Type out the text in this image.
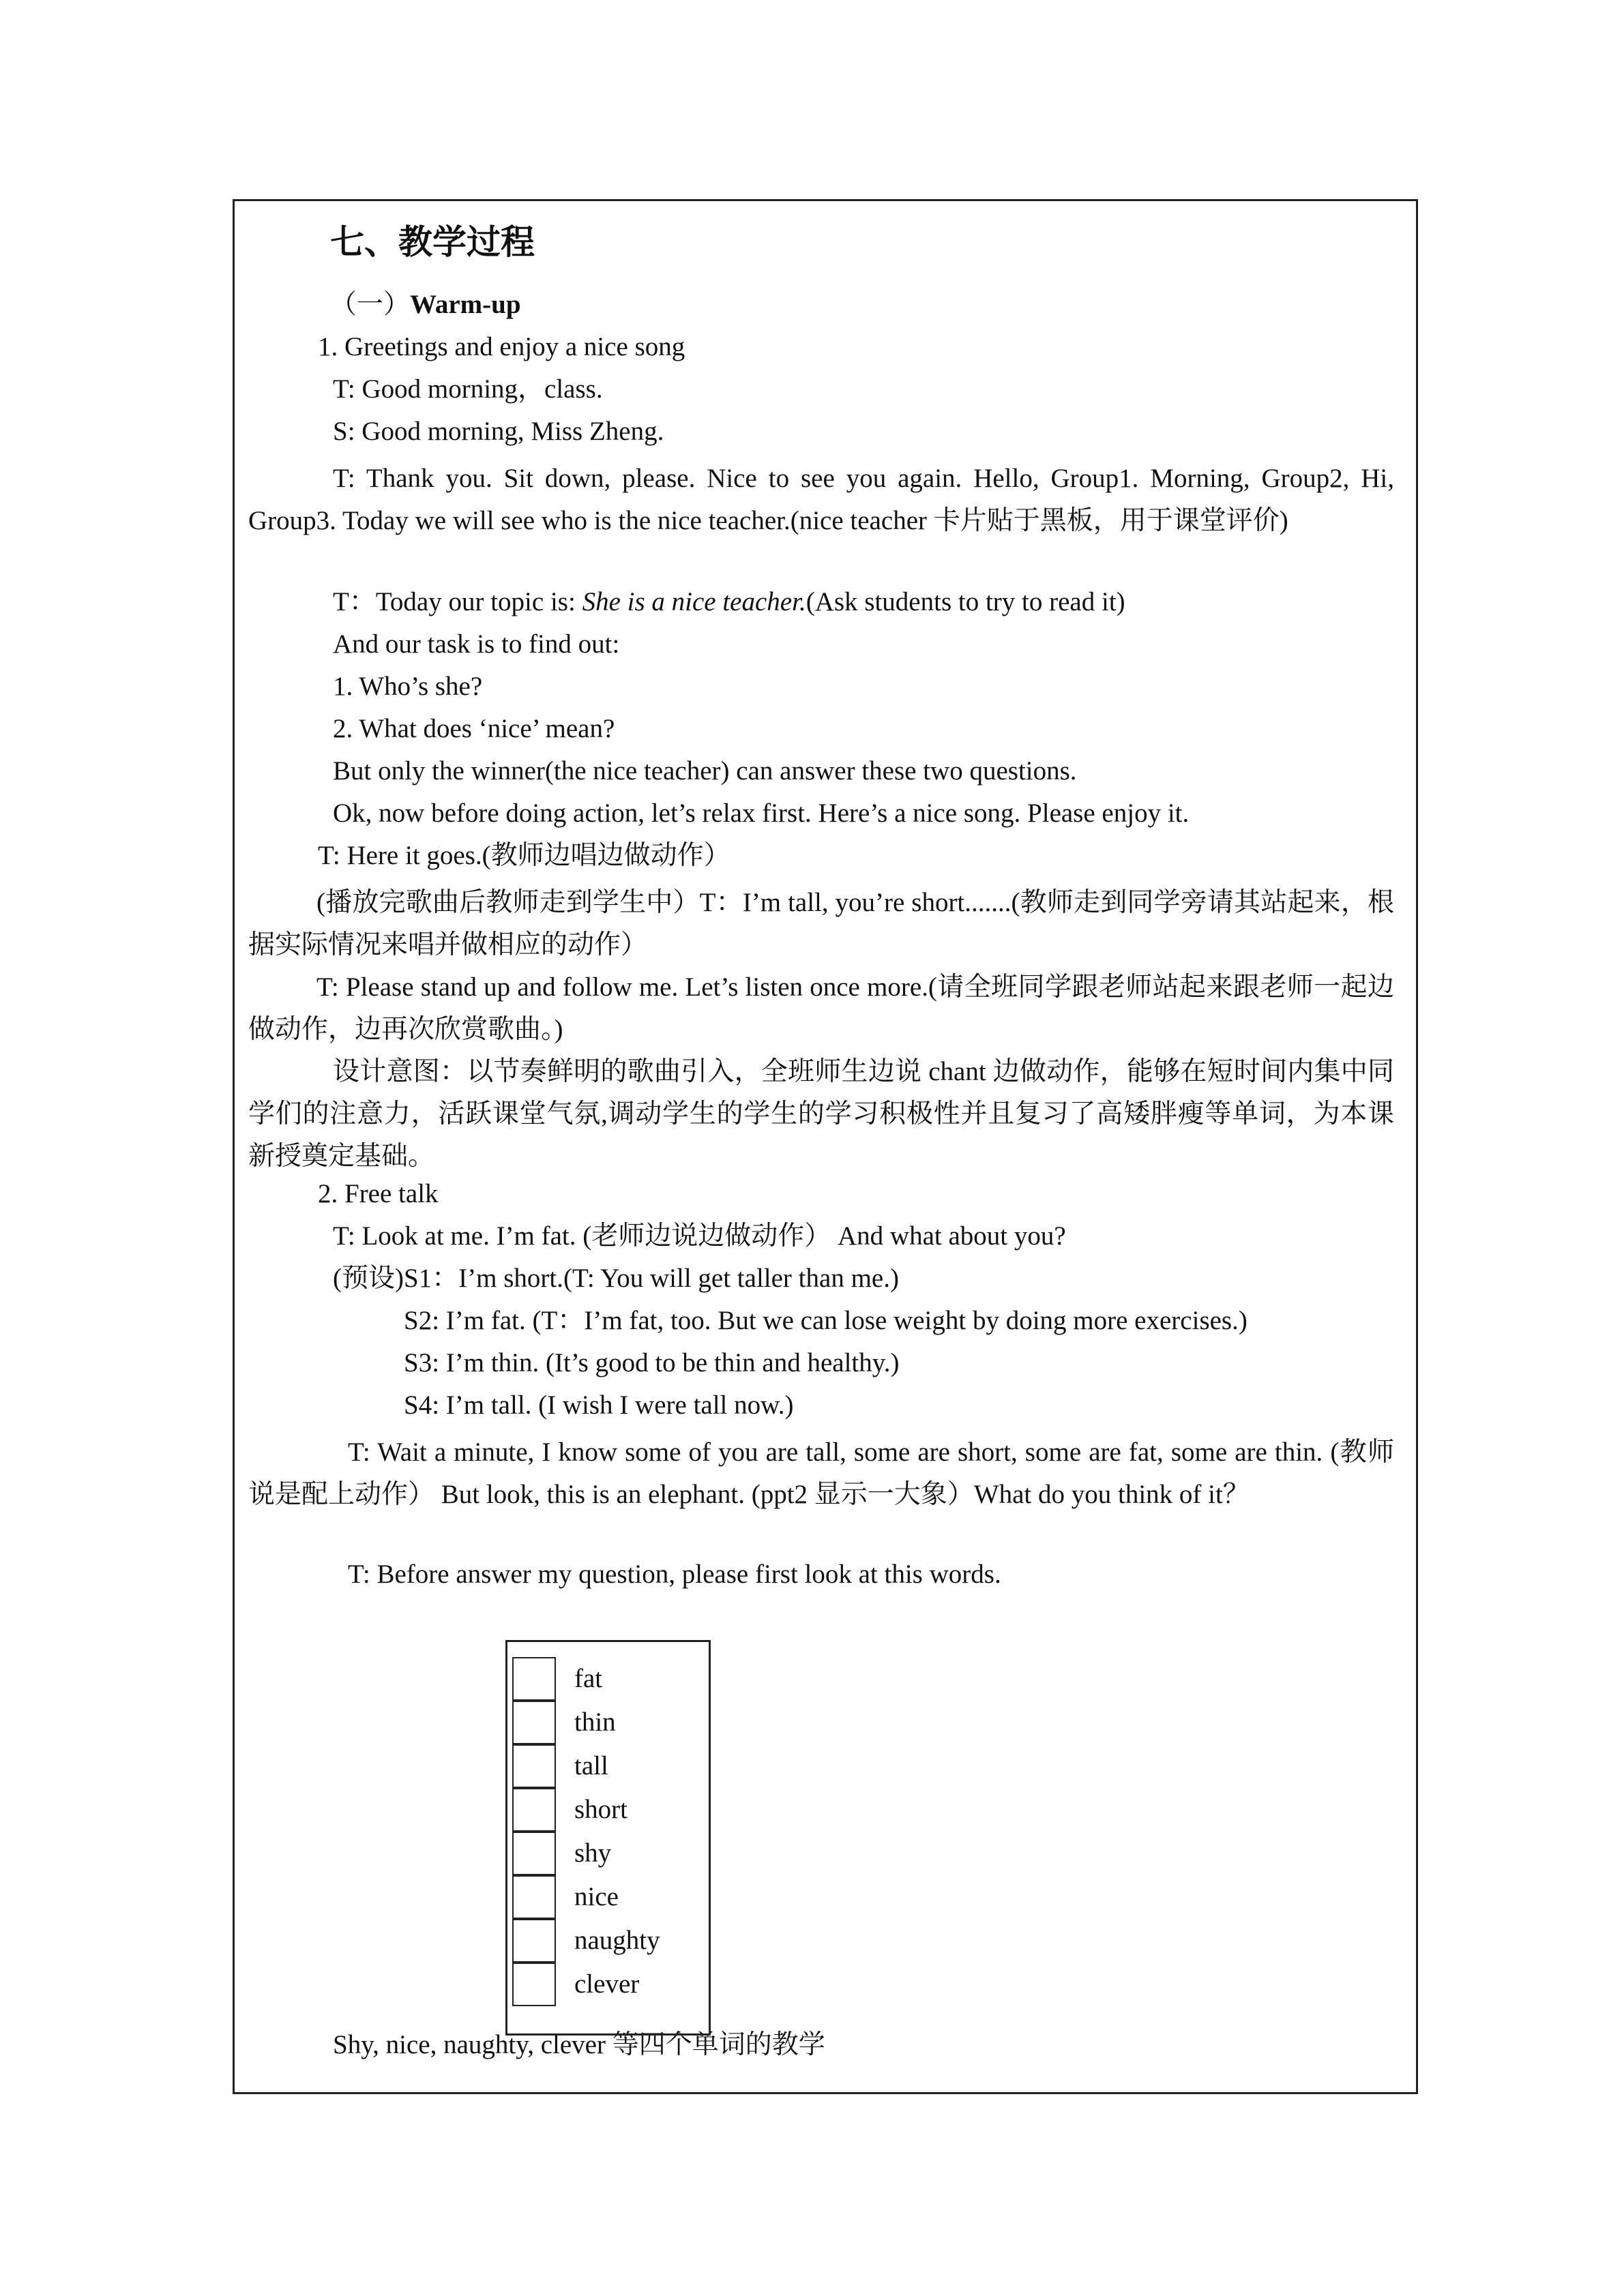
七、教学过程
（一）Warm-up
1. Greetings and enjoy a nice song
T: Good morning，class.
S: Good morning, Miss Zheng.
T: Thank you. Sit down, please. Nice to see you again. Hello, Group1. Morning, Group2, Hi, Group3. Today we will see who is the nice teacher.(nice teacher 卡片贴于黑板，用于课堂评价)
T：Today our topic is: She is a nice teacher.(Ask students to try to read it)
And our task is to find out:
1. Who’s she?
2. What does ‘nice’ mean?
But only the winner(the nice teacher) can answer these two questions.
Ok, now before doing action, let’s relax first. Here’s a nice song. Please enjoy it.
T: Here it goes.(教师边唱边做动作）
(播放完歌曲后教师走到学生中）T：I’m tall, you’re short.......(教师走到同学旁请其站起来，根据实际情况来唱并做相应的动作）
T: Please stand up and follow me. Let’s listen once more.(请全班同学跟老师站起来跟老师一起边做动作，边再次欣赏歌曲。)
设计意图：以节奏鲜明的歌曲引入，全班师生边说 chant 边做动作，能够在短时间内集中同学们的注意力，活跃课堂气氛,调动学生的学生的学习积极性并且复习了高矮胖瘦等单词，为本课新授奠定基础。
2. Free talk
T: Look at me. I’m fat. (老师边说边做动作） And what about you?
(预设)S1：I’m short.(T: You will get taller than me.)
S2: I’m fat. (T：I’m fat, too. But we can lose weight by doing more exercises.)
S3: I’m thin. (It’s good to be thin and healthy.)
S4: I’m tall. (I wish I were tall now.)
T: Wait a minute, I know some of you are tall, some are short, some are fat, some are thin. (教师说是配上动作） But look, this is an elephant. (ppt2 显示一大象）What do you think of it？
T: Before answer my question, please first look at this words.
Shy, nice, naughty, clever 等四个单词的教学
fat
thin
tall
short
shy
nice
naughty
clever
